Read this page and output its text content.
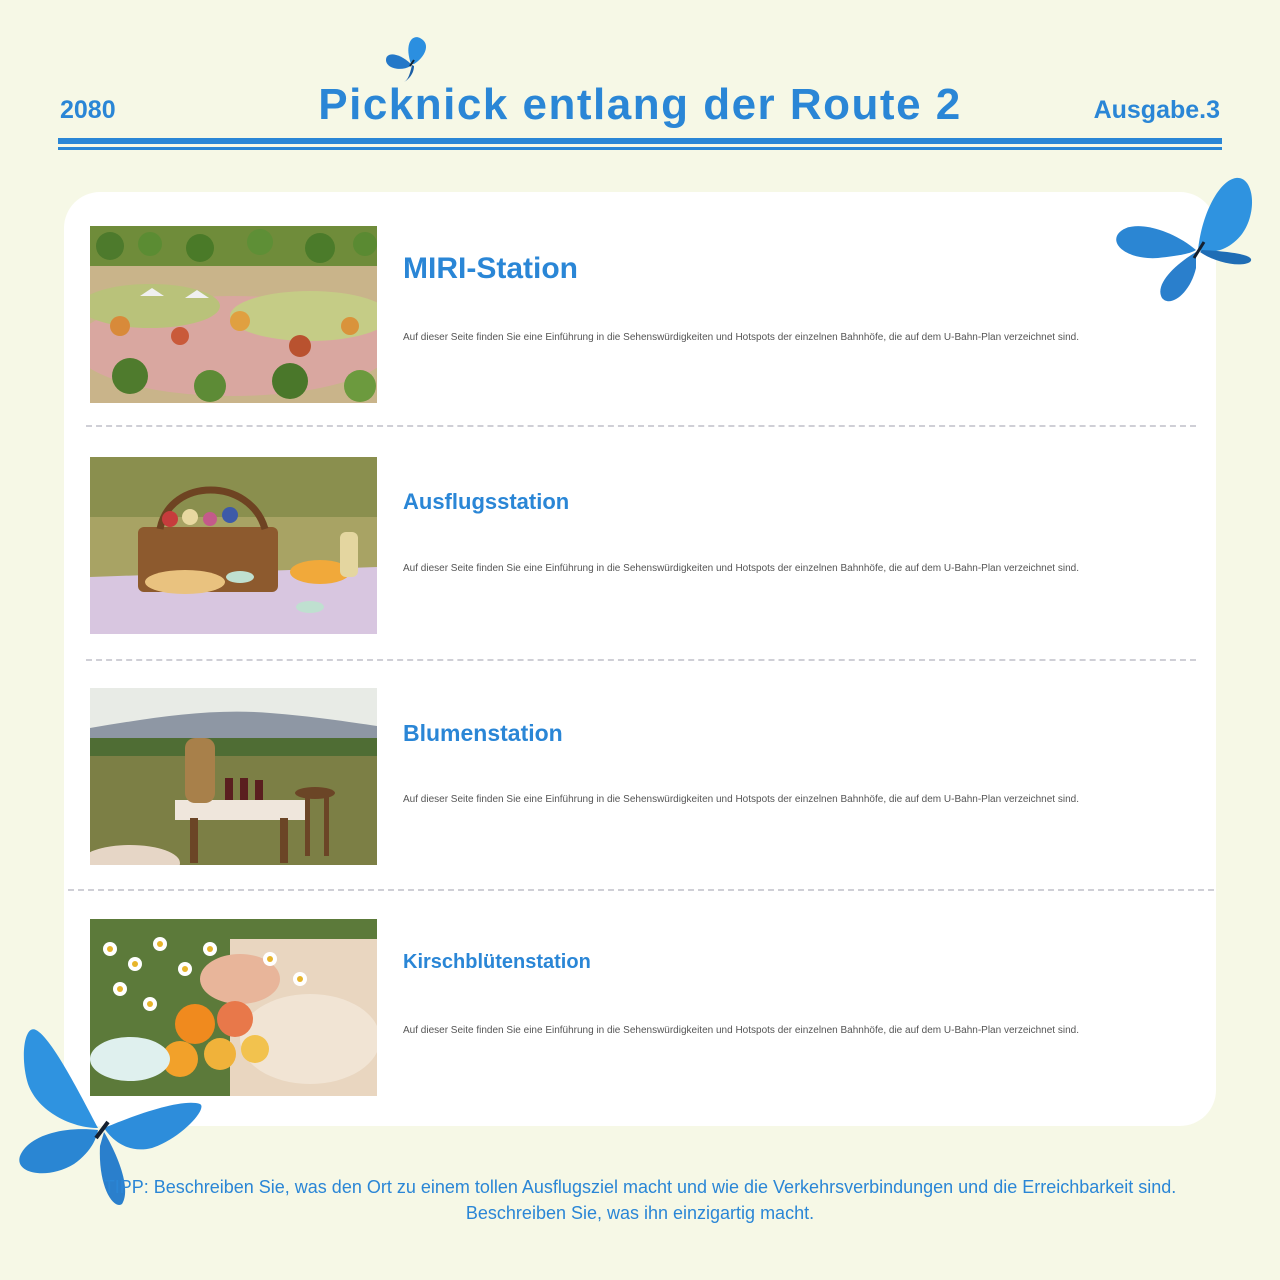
2080	Picknick entlang der Route 2	Ausgabe.3
MIRI-Station
Auf dieser Seite finden Sie eine Einführung in die Sehenswürdigkeiten und Hotspots der einzelnen Bahnhöfe, die auf dem U-Bahn-Plan verzeichnet sind.
Ausflugsstation
Auf dieser Seite finden Sie eine Einführung in die Sehenswürdigkeiten und Hotspots der einzelnen Bahnhöfe, die auf dem U-Bahn-Plan verzeichnet sind.
Blumenstation
Auf dieser Seite finden Sie eine Einführung in die Sehenswürdigkeiten und Hotspots der einzelnen Bahnhöfe, die auf dem U-Bahn-Plan verzeichnet sind.
Kirschblütenstation
Auf dieser Seite finden Sie eine Einführung in die Sehenswürdigkeiten und Hotspots der einzelnen Bahnhöfe, die auf dem U-Bahn-Plan verzeichnet sind.
TIPP: Beschreiben Sie, was den Ort zu einem tollen Ausflugsziel macht und wie die Verkehrsverbindungen und die Erreichbarkeit sind.
Beschreiben Sie, was ihn einzigartig macht.
